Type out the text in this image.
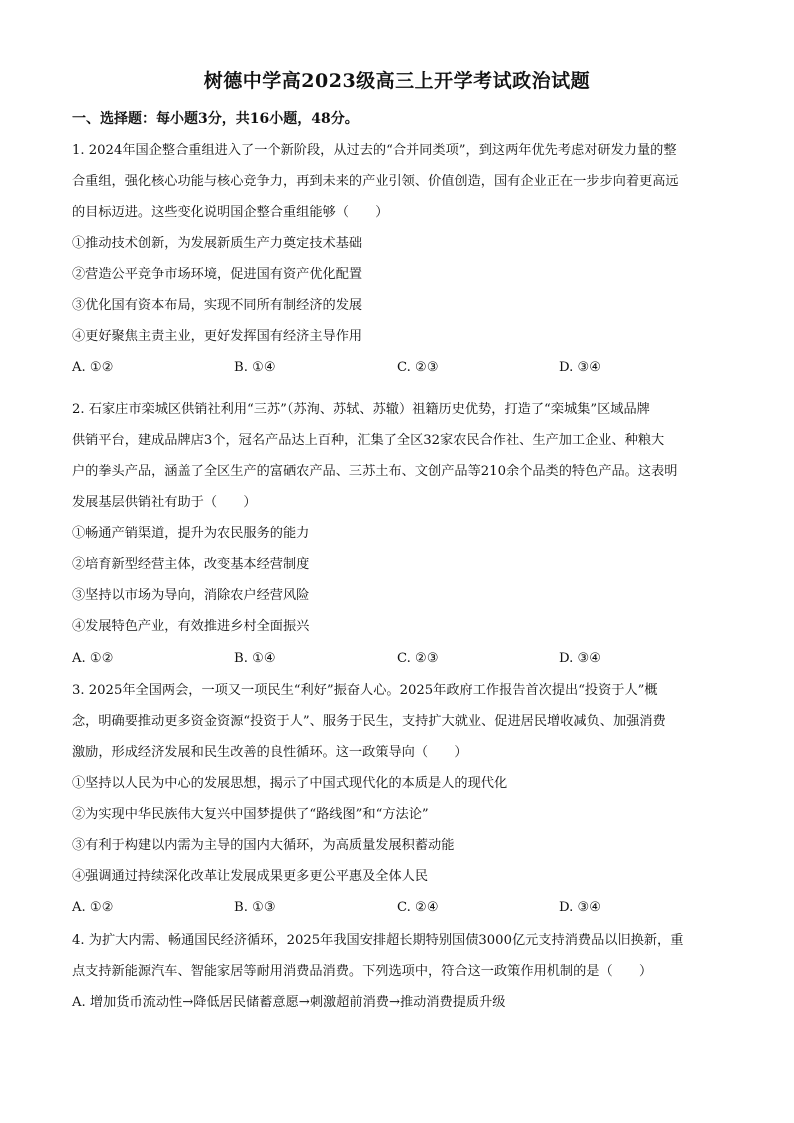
树德中学高2023级高三上开学考试政治试题
一、选择题：每小题3分，共16小题，48分。
1. 2024年国企整合重组进入了一个新阶段，从过去的“合并同类项”，到这两年优先考虑对研发力量的整
合重组，强化核心功能与核心竞争力，再到未来的产业引领、价值创造，国有企业正在一步步向着更高远
的目标迈进。这些变化说明国企整合重组能够（　　）
①推动技术创新，为发展新质生产力奠定技术基础
②营造公平竞争市场环境，促进国有资产优化配置
③优化国有资本布局，实现不同所有制经济的发展
④更好聚焦主责主业，更好发挥国有经济主导作用
A. ①②	B. ①④	C. ②③	D. ③④
2. 石家庄市栾城区供销社利用“三苏”（苏洵、苏轼、苏辙）祖籍历史优势，打造了“栾城集”区域品牌
供销平台，建成品牌店3个，冠名产品达上百种，汇集了全区32家农民合作社、生产加工企业、种粮大
户的拳头产品，涵盖了全区生产的富硒农产品、三苏土布、文创产品等210余个品类的特色产品。这表明
发展基层供销社有助于（　　）
①畅通产销渠道，提升为农民服务的能力
②培育新型经营主体，改变基本经营制度
③坚持以市场为导向，消除农户经营风险
④发展特色产业，有效推进乡村全面振兴
A. ①②	B. ①④	C. ②③	D. ③④
3. 2025年全国两会，一项又一项民生“利好”振奋人心。2025年政府工作报告首次提出“投资于人”概
念，明确要推动更多资金资源“投资于人”、服务于民生，支持扩大就业、促进居民增收减负、加强消费
激励，形成经济发展和民生改善的良性循环。这一政策导向（　　）
①坚持以人民为中心的发展思想，揭示了中国式现代化的本质是人的现代化
②为实现中华民族伟大复兴中国梦提供了“路线图”和“方法论”
③有利于构建以内需为主导的国内大循环，为高质量发展积蓄动能
④强调通过持续深化改革让发展成果更多更公平惠及全体人民
A. ①②	B. ①③	C. ②④	D. ③④
4. 为扩大内需、畅通国民经济循环，2025年我国安排超长期特别国债3000亿元支持消费品以旧换新，重
点支持新能源汽车、智能家居等耐用消费品消费。下列选项中，符合这一政策作用机制的是（　　）
A. 增加货币流动性→降低居民储蓄意愿→刺激超前消费→推动消费提质升级
